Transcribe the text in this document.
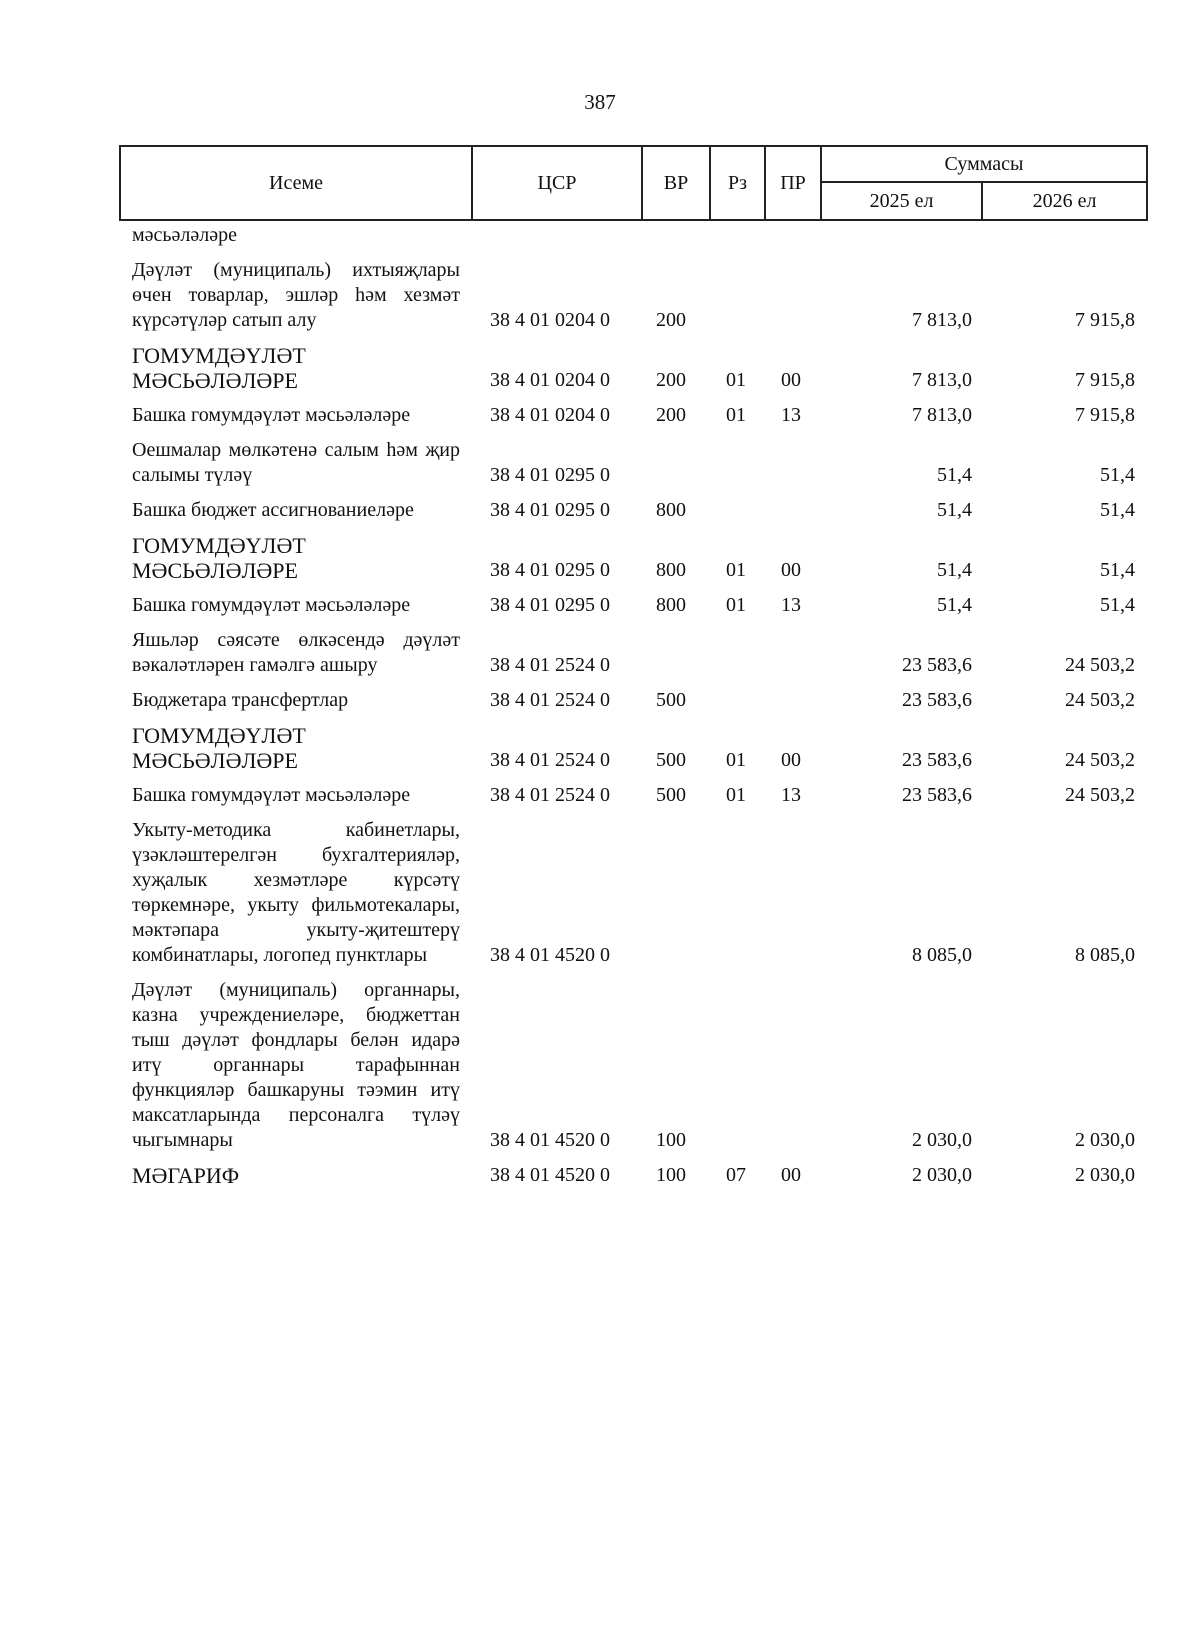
387
Исеме	ЦСР	ВР	Рз	ПР	Суммасы	
					2025 ел	2026 ел
мәсьәләләре						

Дәүләт (муниципаль) ихтыяҗлары өчен товарлар, эшләр һәм хезмәт күрсәтүләр сатып алу	38 4 01 0204 0	200			7 813,0	7 915,8

ГОМУМДӘҮЛӘТ МӘСЬӘЛӘЛӘРЕ	38 4 01 0204 0	200	01	00	7 813,0	7 915,8

Башка гомумдәүләт мәсьәләләре	38 4 01 0204 0	200	01	13	7 813,0	7 915,8

Оешмалар мөлкәтенә салым һәм җир салымы түләү	38 4 01 0295 0				51,4	51,4

Башка бюджет ассигнованиеләре	38 4 01 0295 0	800			51,4	51,4

ГОМУМДӘҮЛӘТ МӘСЬӘЛӘЛӘРЕ	38 4 01 0295 0	800	01	00	51,4	51,4

Башка гомумдәүләт мәсьәләләре	38 4 01 0295 0	800	01	13	51,4	51,4

Яшьләр сәясәте өлкәсендә дәүләт вәкаләтләрен гамәлгә ашыру	38 4 01 2524 0				23 583,6	24 503,2

Бюджетара трансфертлар	38 4 01 2524 0	500			23 583,6	24 503,2

ГОМУМДӘҮЛӘТ МӘСЬӘЛӘЛӘРЕ	38 4 01 2524 0	500	01	00	23 583,6	24 503,2

Башка гомумдәүләт мәсьәләләре	38 4 01 2524 0	500	01	13	23 583,6	24 503,2

Укыту-методика кабинетлары, үзәкләштерелгән бухгалтерияләр, хуҗалык хезмәтләре күрсәтү төркемнәре, укыту фильмотекалары, мәктәпара укыту-җитештерү комбинатлары, логопед пунктлары	38 4 01 4520 0				8 085,0	8 085,0

Дәүләт (муниципаль) органнары, казна учреждениеләре, бюджеттан тыш дәүләт фондлары белән идарә итү органнары тарафыннан функцияләр башкаруны тәэмин итү максатларында персоналга түләү чыгымнары	38 4 01 4520 0	100			2 030,0	2 030,0

МӘГАРИФ	38 4 01 4520 0	100	07	00	2 030,0	2 030,0
